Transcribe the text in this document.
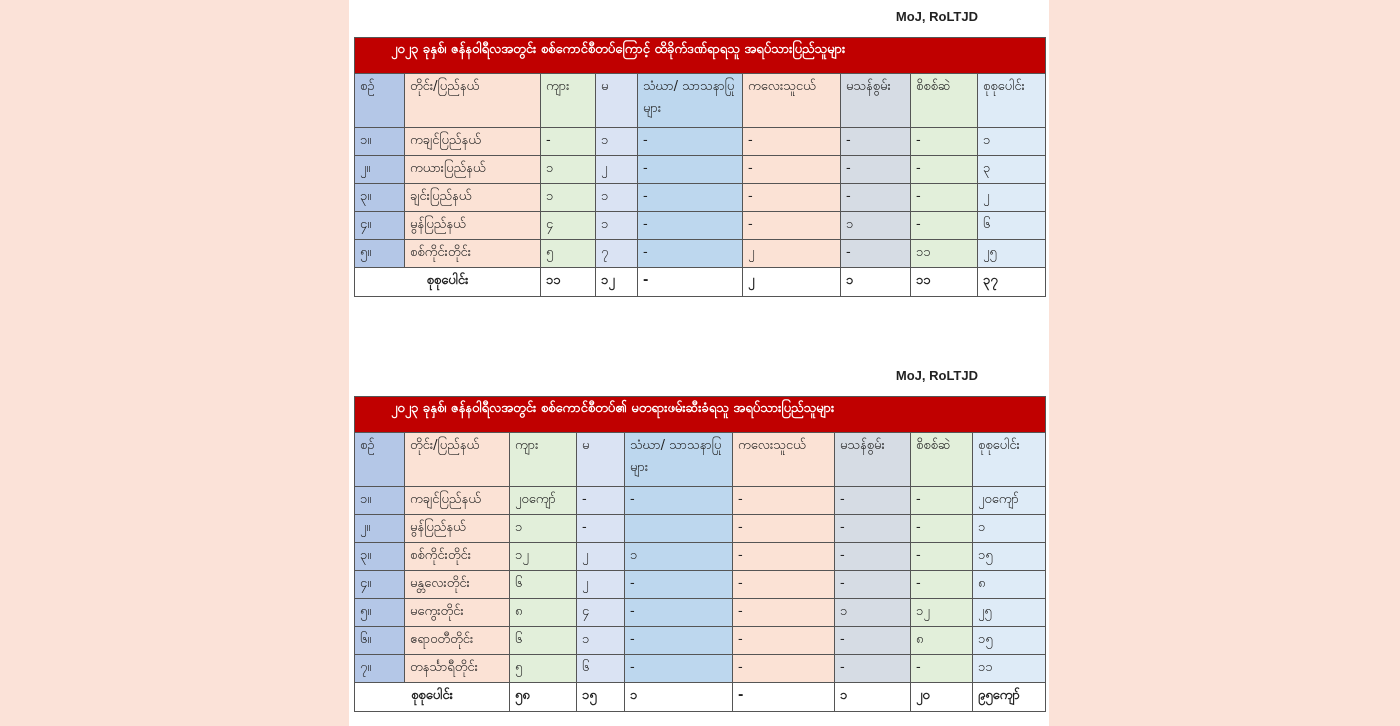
MoJ, RoLTJD
၂၀၂၃ ခုနှစ်၊ ဇန်နဝါရီလအတွင်း စစ်ကောင်စီတပ်ကြောင့် ထိခိုက်ဒဏ်ရာရသူ အရပ်သားပြည်သူများ								
စဉ်	တိုင်း/ပြည်နယ်	ကျား	မ	သံဃာ/ သာသနာပြုများ	ကလေးသူငယ်	မသန်စွမ်း	စိစစ်ဆဲ	စုစုပေါင်း
၁။	ကချင်ပြည်နယ်	-	၁	-	-	-	-	၁
၂။	ကယားပြည်နယ်	၁	၂	-	-	-	-	၃
၃။	ချင်းပြည်နယ်	၁	၁	-	-	-	-	၂
၄။	မွန်ပြည်နယ်	၄	၁	-	-	၁	-	၆
၅။	စစ်ကိုင်းတိုင်း	၅	၇	-	၂	-	၁၁	၂၅
စုစုပေါင်း		၁၁	၁၂	-	၂	၁	၁၁	၃၇
MoJ, RoLTJD
၂၀၂၃ ခုနှစ်၊ ဇန်နဝါရီလအတွင်း စစ်ကောင်စီတပ်၏ မတရားဖမ်းဆီးခံရသူ အရပ်သားပြည်သူများ								
စဉ်	တိုင်း/ပြည်နယ်	ကျား	မ	သံဃာ/ သာသနာပြုများ	ကလေးသူငယ်	မသန်စွမ်း	စိစစ်ဆဲ	စုစုပေါင်း
၁။	ကချင်ပြည်နယ်	၂၀ကျော်	-	-	-	-	-	၂၀ကျော်
၂။	မွန်ပြည်နယ်	၁	-		-	-	-	၁
၃။	စစ်ကိုင်းတိုင်း	၁၂	၂	၁	-	-	-	၁၅
၄။	မန္တလေးတိုင်း	၆	၂	-	-	-	-	၈
၅။	မကွေးတိုင်း	၈	၄	-	-	၁	၁၂	၂၅
၆။	ဧရာဝတီတိုင်း	၆	၁	-	-	-	၈	၁၅
၇။	တနင်္သာရီတိုင်း	၅	၆	-	-	-	-	၁၁
စုစုပေါင်း		၅၈	၁၅	၁	-	၁	၂၀	၉၅ကျော်
